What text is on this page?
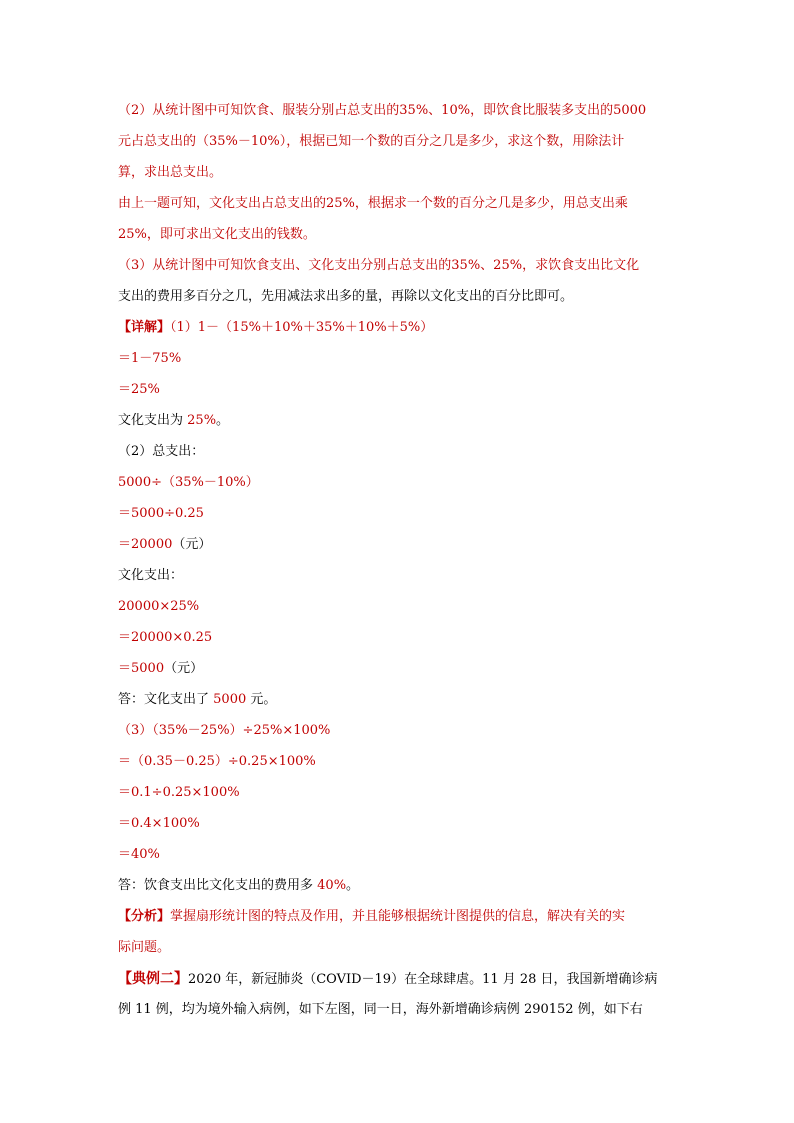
（2）从统计图中可知饮食、服装分别占总支出的35%、10%，即饮食比服装多支出的5000
元占总支出的（35%－10%），根据已知一个数的百分之几是多少，求这个数，用除法计
算，求出总支出。
由上一题可知，文化支出占总支出的25%，根据求一个数的百分之几是多少，用总支出乘
25%，即可求出文化支出的钱数。
（3）从统计图中可知饮食支出、文化支出分别占总支出的35%、25%，求饮食支出比文化
支出的费用多百分之几，先用减法求出多的量，再除以文化支出的百分比即可。
【详解】（1）1－（15%＋10%＋35%＋10%＋5%）
＝1－75%
＝25%
文化支出为 25%。
（2）总支出：
5000÷（35%－10%）
＝5000÷0.25
＝20000（元）
文化支出：
20000×25%
＝20000×0.25
＝5000（元）
答：文化支出了 5000 元。
（3）（35%－25%）÷25%×100%
＝（0.35－0.25）÷0.25×100%
＝0.1÷0.25×100%
＝0.4×100%
＝40%
答：饮食支出比文化支出的费用多 40%。
【分析】掌握扇形统计图的特点及作用，并且能够根据统计图提供的信息，解决有关的实
际问题。
【典例二】2020 年，新冠肺炎（COVID－19）在全球肆虐。11 月 28 日，我国新增确诊病
例 11 例，均为境外输入病例，如下左图，同一日，海外新增确诊病例 290152 例，如下右
